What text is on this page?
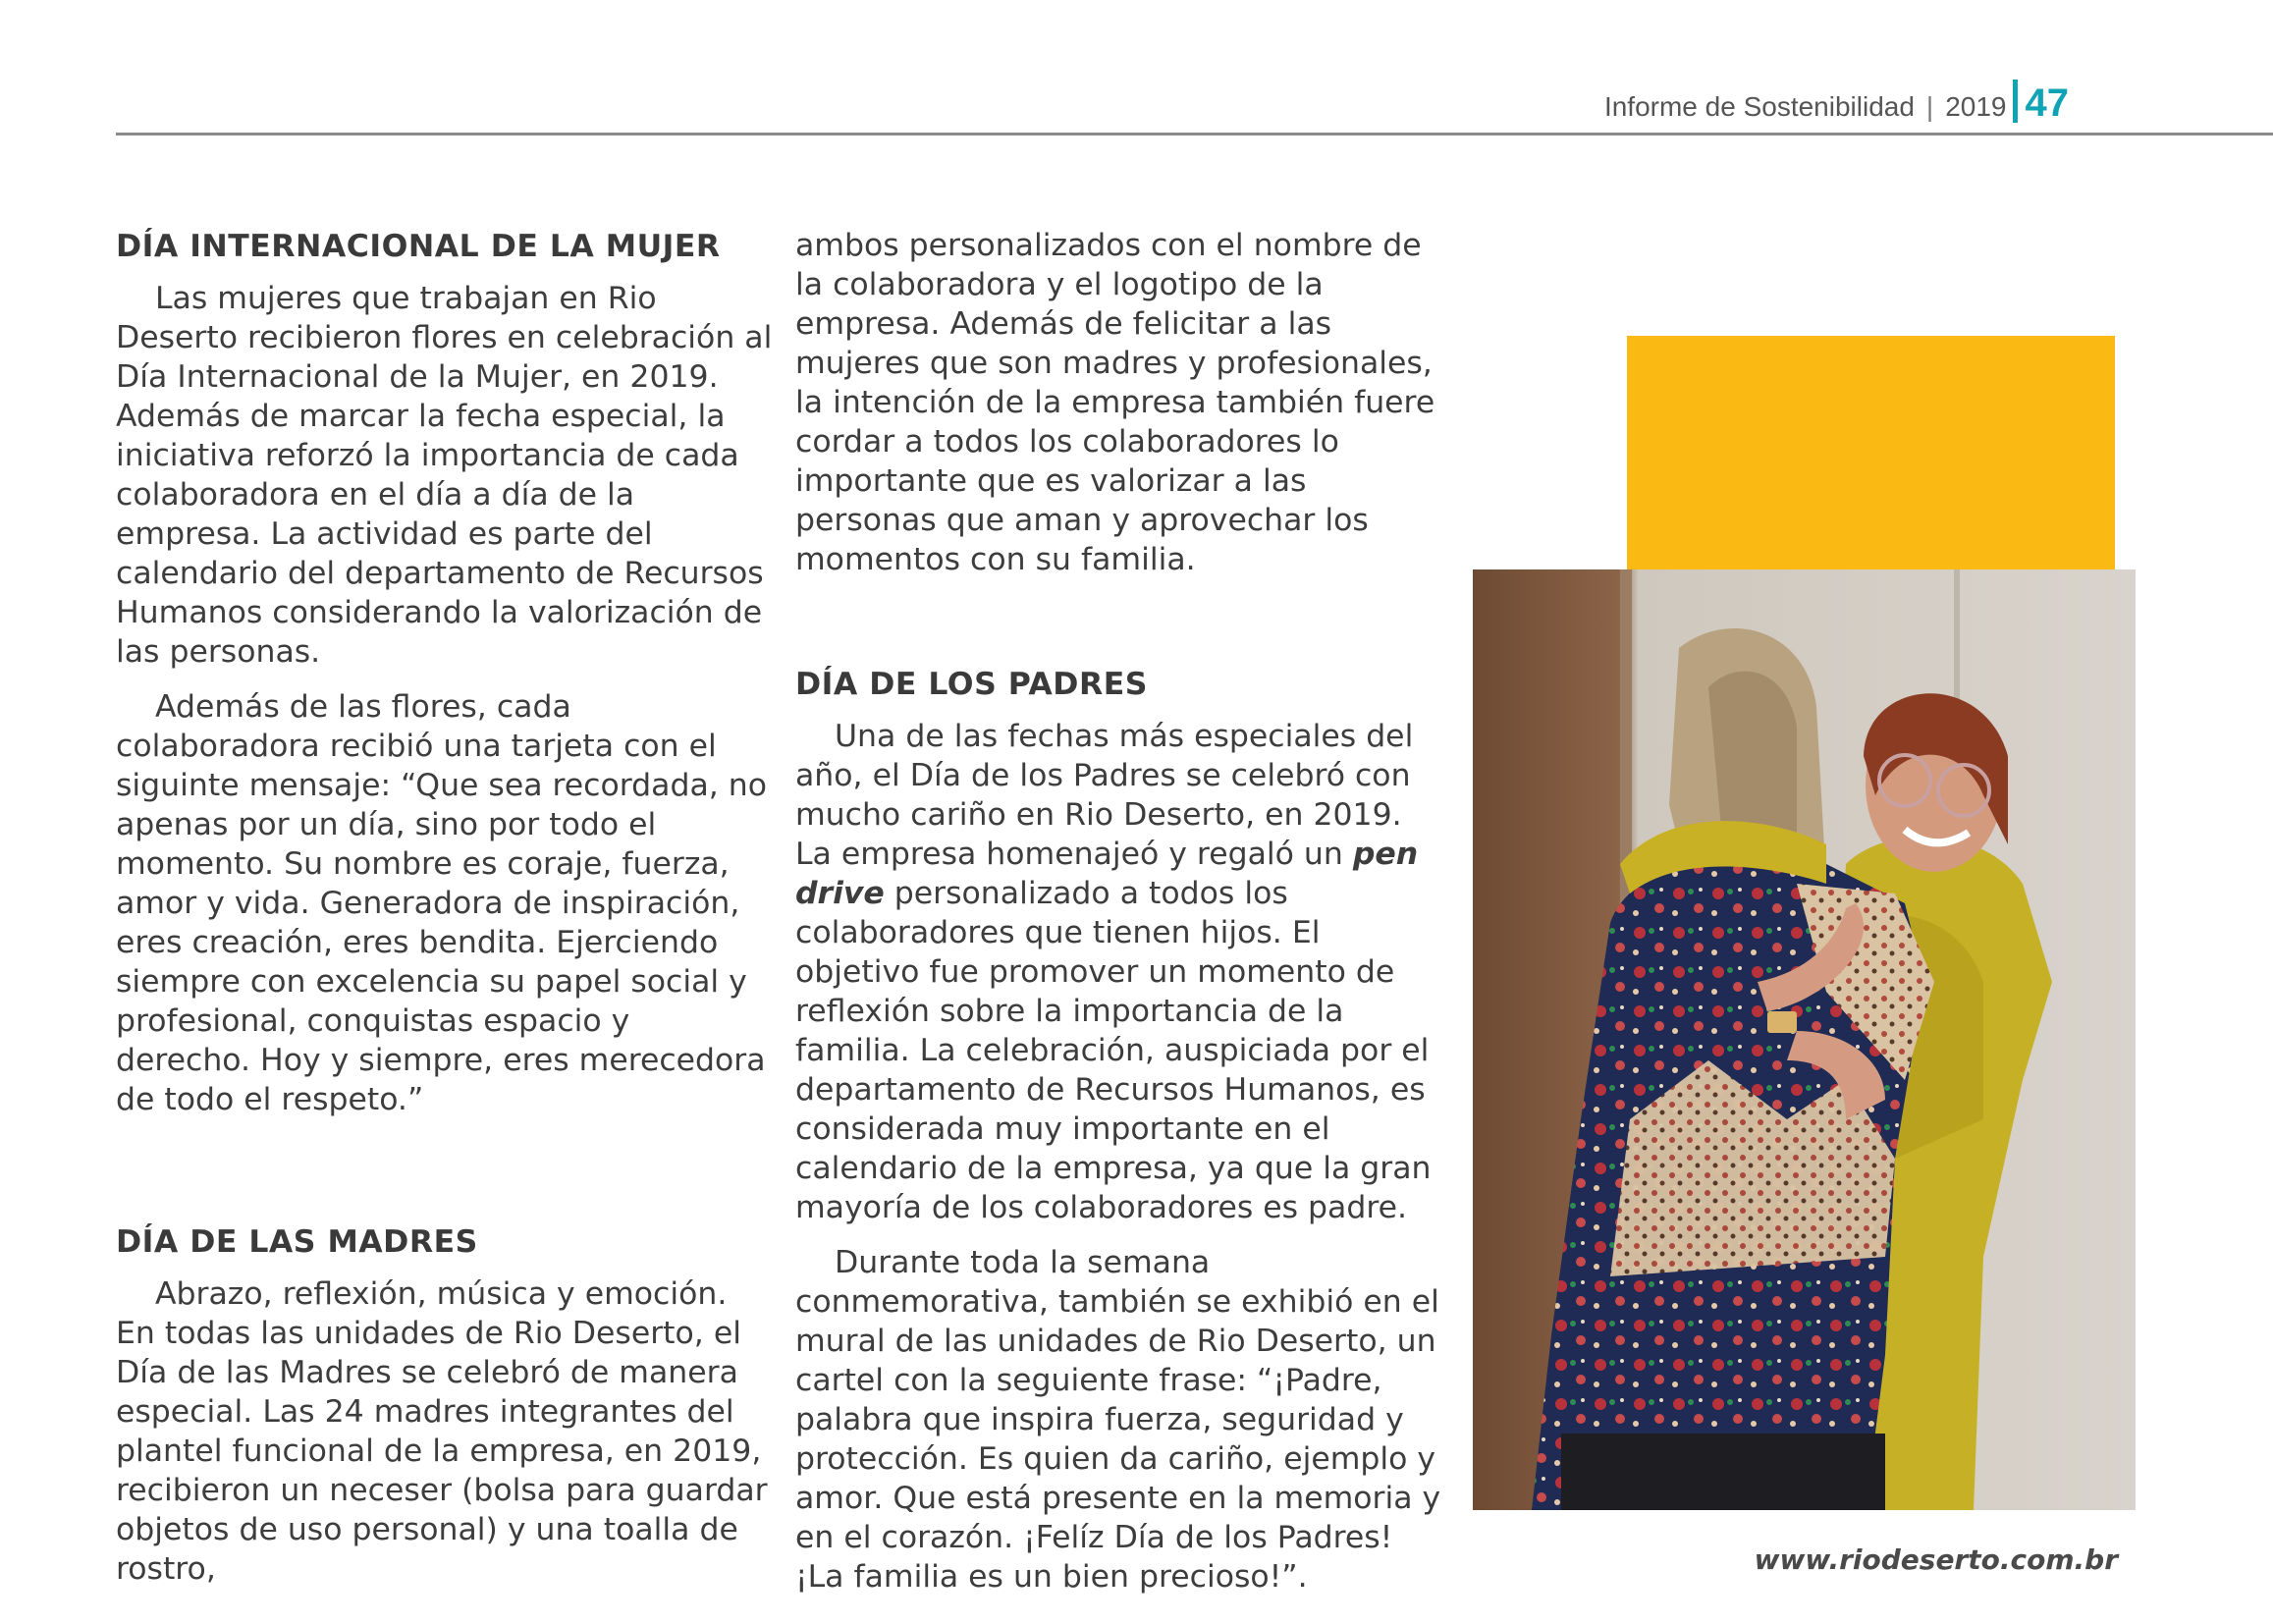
Informe de Sostenibilidad | 2019 47
DÍA INTERNACIONAL DE LA MUJER

Las mujeres que trabajan en Rio Deserto recibieron flores en celebración al Día Internacional de la Mujer, en 2019. Además de marcar la fecha especial, la iniciativa reforzó la importancia de cada colaboradora en el día a día de la empresa. La actividad es parte del calendario del departamento de Recursos Humanos considerando la valorización de las personas.

Además de las flores, cada colaboradora recibió una tarjeta con el siguinte mensaje: “Que sea recordada, no apenas por un día, sino por todo el momento. Su nombre es coraje, fuerza, amor y vida. Generadora de inspiración, eres creación, eres bendita. Ejerciendo siempre con excelencia su papel social y profesional, conquistas espacio y derecho. Hoy y siempre, eres merecedora de todo el respeto.”

DÍA DE LAS MADRES

Abrazo, reflexión, música y emoción. En todas las unidades de Rio Deserto, el Día de las Madres se celebró de manera especial. Las 24 madres integrantes del plantel funcional de la empresa, en 2019, recibieron un neceser (bolsa para guardar objetos de uso personal) y una toalla de rostro,

ambos personalizados con el nombre de la colaboradora y el logotipo de la empresa. Además de felicitar a las mujeres que son madres y profesionales, la intención de la empresa también fuere cordar a todos los colaboradores lo importante que es valorizar a las personas que aman y aprovechar los momentos con su familia.

DÍA DE LOS PADRES

Una de las fechas más especiales del año, el Día de los Padres se celebró con mucho cariño en Rio Deserto, en 2019. La empresa homenajeó y regaló un pen drive personalizado a todos los colaboradores que tienen hijos. El objetivo fue promover un momento de reflexión sobre la importancia de la familia. La celebración, auspiciada por el departamento de Recursos Humanos, es considerada muy importante en el calendario de la empresa, ya que la gran mayoría de los colaboradores es padre.

Durante toda la semana conmemorativa, también se exhibió en el mural de las unidades de Rio Deserto, un cartel con la seguiente frase: “¡Padre, palabra que inspira fuerza, seguridad y protección. Es quien da cariño, ejemplo y amor. Que está presente en la memoria y en el corazón. ¡Felíz Día de los Padres! ¡La familia es un bien precioso!”.	www.riodeserto.com.br
